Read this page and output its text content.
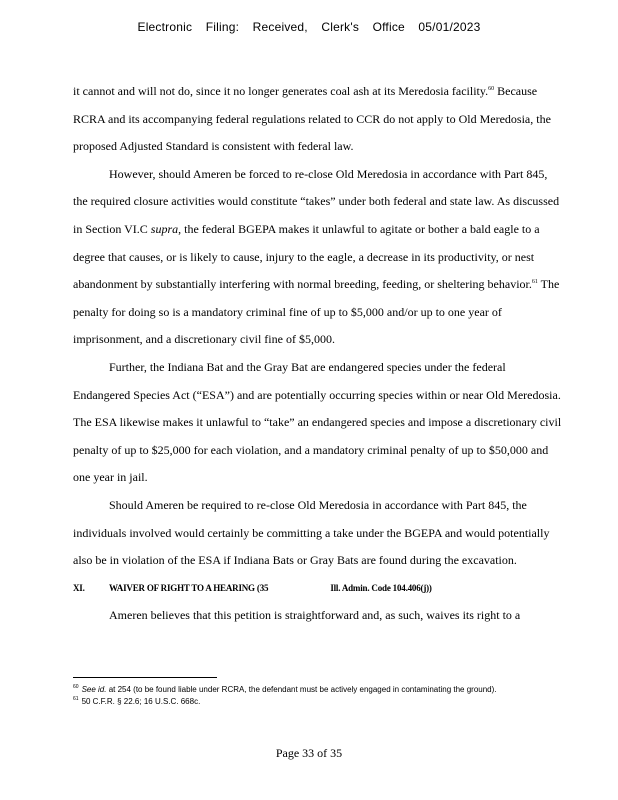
Electronic Filing: Received, Clerk's Office 05/01/2023

it cannot and will not do, since it no longer generates coal ash at its Meredosia facility.$^{60}$ Because RCRA and its accompanying federal regulations related to CCR do not apply to Old Meredosia, the proposed Adjusted Standard is consistent with federal law.

However, should Ameren be forced to re-close Old Meredosia in accordance with Part 845, the required closure activities would constitute “takes” under both federal and state law. As discussed in Section VI.C supra, the federal BGEPA makes it unlawful to agitate or bother a bald eagle to a degree that causes, or is likely to cause, injury to the eagle, a decrease in its productivity, or nest abandonment by substantially interfering with normal breeding, feeding, or sheltering behavior.$^{61}$ The penalty for doing so is a mandatory criminal fine of up to $5,000 and/or up to one year of imprisonment, and a discretionary civil fine of $5,000.

Further, the Indiana Bat and the Gray Bat are endangered species under the federal Endangered Species Act (“ESA”) and are potentially occurring species within or near Old Meredosia. The ESA likewise makes it unlawful to “take” an endangered species and impose a discretionary civil penalty of up to $25,000 for each violation, and a mandatory criminal penalty of up to $50,000 and one year in jail.

Should Ameren be required to re-close Old Meredosia in accordance with Part 845, the individuals involved would certainly be committing a take under the BGEPA and would potentially also be in violation of the ESA if Indiana Bats or Gray Bats are found during the excavation.

XI.	WAIVER OF RIGHT TO A HEARING (35	Ill. Admin. Code 104.406(j))

Ameren believes that this petition is straightforward and, as such, waives its right to a

$^{60}$ See id. at 254 (to be found liable under RCRA, the defendant must be actively engaged in contaminating the ground).

$^{61}$ 50 C.F.R. § 22.6; 16 U.S.C. 668c.

Page 33 of 35
